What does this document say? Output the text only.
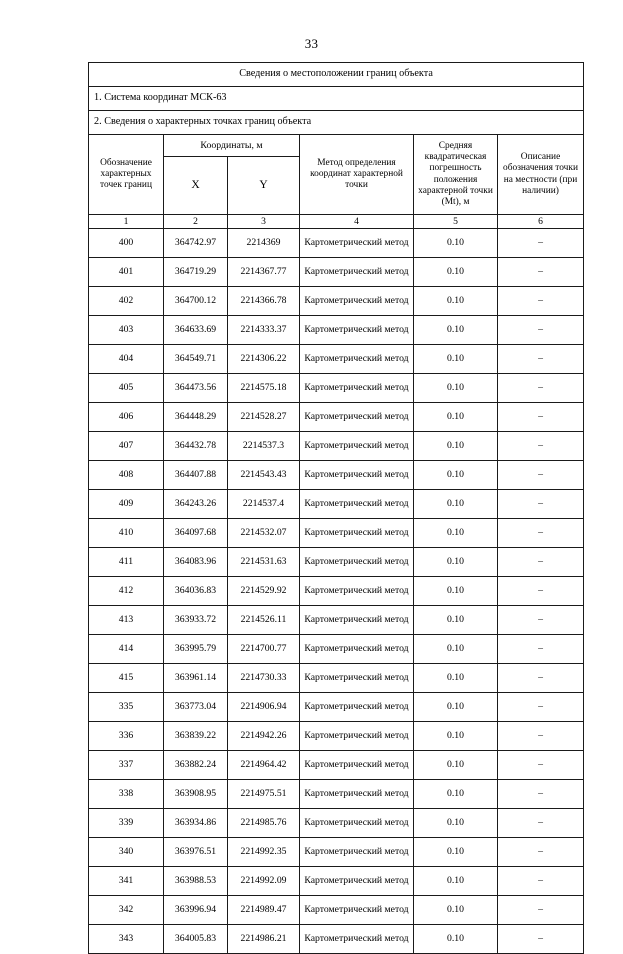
33
Сведения о местоположении границ объекта					
1. Система координат МСК-63					
2. Сведения о характерных точках границ объекта					
Обозначение характерных точек границ	Координаты, м		Метод определения координат характерной точки	Средняя квадратическая погрешность положения характерной точки (Мt), м	Описание обозначения точки на местности (при наличии)
	X	Y			
1	2	3	4	5	6
400	364742.97	2214369	Картометрический метод	0.10	–
401	364719.29	2214367.77	Картометрический метод	0.10	–
402	364700.12	2214366.78	Картометрический метод	0.10	–
403	364633.69	2214333.37	Картометрический метод	0.10	–
404	364549.71	2214306.22	Картометрический метод	0.10	–
405	364473.56	2214575.18	Картометрический метод	0.10	–
406	364448.29	2214528.27	Картометрический метод	0.10	–
407	364432.78	2214537.3	Картометрический метод	0.10	–
408	364407.88	2214543.43	Картометрический метод	0.10	–
409	364243.26	2214537.4	Картометрический метод	0.10	–
410	364097.68	2214532.07	Картометрический метод	0.10	–
411	364083.96	2214531.63	Картометрический метод	0.10	–
412	364036.83	2214529.92	Картометрический метод	0.10	–
413	363933.72	2214526.11	Картометрический метод	0.10	–
414	363995.79	2214700.77	Картометрический метод	0.10	–
415	363961.14	2214730.33	Картометрический метод	0.10	–
335	363773.04	2214906.94	Картометрический метод	0.10	–
336	363839.22	2214942.26	Картометрический метод	0.10	–
337	363882.24	2214964.42	Картометрический метод	0.10	–
338	363908.95	2214975.51	Картометрический метод	0.10	–
339	363934.86	2214985.76	Картометрический метод	0.10	–
340	363976.51	2214992.35	Картометрический метод	0.10	–
341	363988.53	2214992.09	Картометрический метод	0.10	–
342	363996.94	2214989.47	Картометрический метод	0.10	–
343	364005.83	2214986.21	Картометрический метод	0.10	–
